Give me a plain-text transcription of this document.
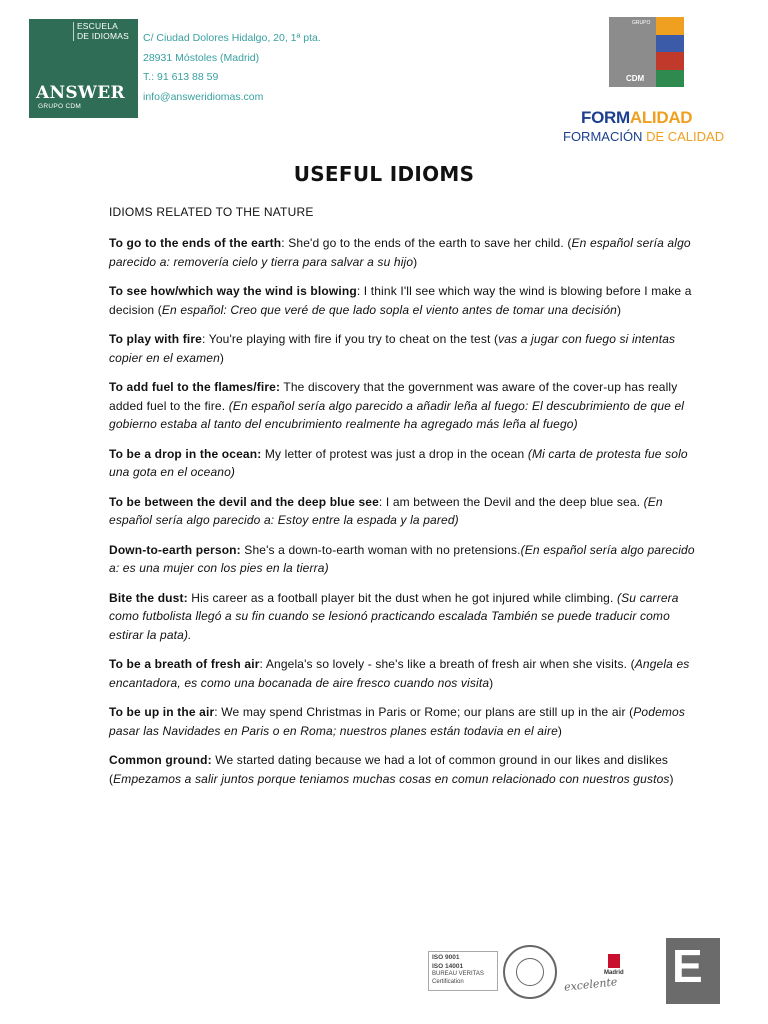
ESCUELA
DE IDIOMAS
ANSWER
GRUPO CDM
C/ Ciudad Dolores Hidalgo, 20, 1ª pta.
28931 Móstoles (Madrid)
T.: 91 613 88 59
info@answeridiomas.com
GRUPO
CDM
FORMALIDAD
FORMACIÓN DE CALIDAD
USEFUL IDIOMS
IDIOMS RELATED TO THE NATURE
To go to the ends of the earth: She'd go to the ends of the earth to save her child. (En español sería algo parecido a: removería cielo y tierra para salvar a su hijo)
To see how/which way the wind is blowing: I think I'll see which way the wind is blowing before I make a decision (En español: Creo que veré de que lado sopla el viento antes de tomar una decisión)
To play with fire: You're playing with fire if you try to cheat on the test (vas a jugar con fuego si intentas copier en el examen)
To add fuel to the flames/fire: The discovery that the government was aware of the cover-up has really added fuel to the fire. (En español sería algo parecido a añadir leña al fuego: El descubrimiento de que el gobierno estaba al tanto del encubrimiento realmente ha agregado más leña al fuego)
To be a drop in the ocean: My letter of protest was just a drop in the ocean (Mi carta de protesta fue solo una gota en el oceano)
To be between the devil and the deep blue see: I am between the Devil and the deep blue sea. (En español sería algo parecido a: Estoy entre la espada y la pared)
Down-to-earth person: She's a down-to-earth woman with no pretensions.(En español sería algo parecido a: es una mujer con los pies en la tierra)
Bite the dust: His career as a football player bit the dust when he got injured while climbing. (Su carrera como futbolista llegó a su fin cuando se lesionó practicando escalada También se puede traducir como estirar la pata).
To be a breath of fresh air: Angela's so lovely - she's like a breath of fresh air when she visits. (Angela es encantadora, es como una bocanada de aire fresco cuando nos visita)
To be up in the air: We may spend Christmas in Paris or Rome; our plans are still up in the air (Podemos pasar las Navidades en Paris o en Roma; nuestros planes están todavia en el aire)
Common ground: We started dating because we had a lot of common ground in our likes and dislikes (Empezamos a salir juntos porque teniamos muchas cosas en comun relacionado con nuestros gustos)
ISO 9001
ISO 14001
BUREAU VERITAS
Certification
Madrid
excelente E
